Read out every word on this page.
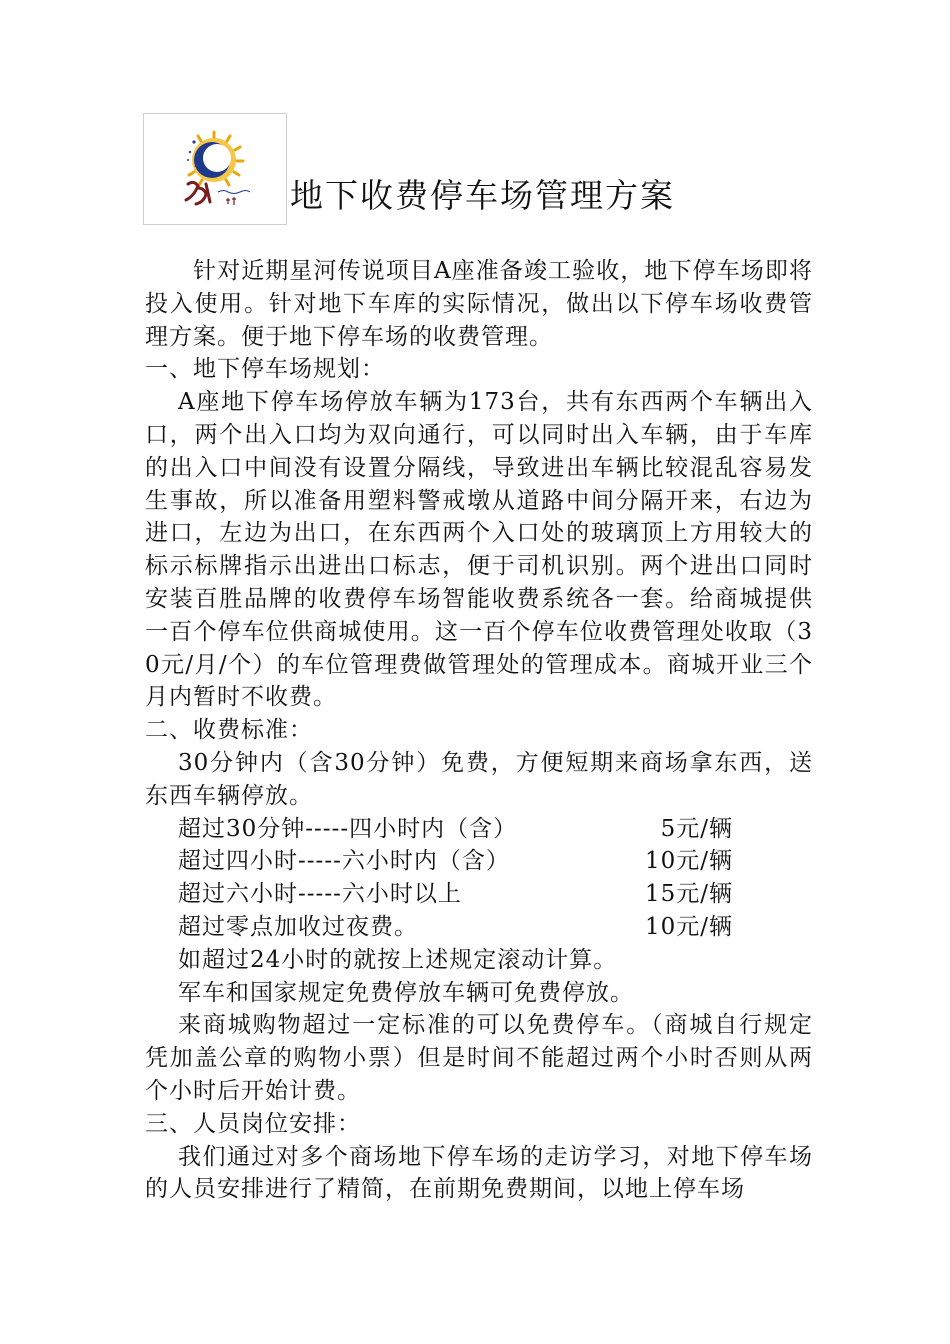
地下收费停车场管理方案

针对近期星河传说项目A座准备竣工验收，地下停车场即将投入使用。针对地下车库的实际情况，做出以下停车场收费管理方案。便于地下停车场的收费管理。

一、地下停车场规划：

A座地下停车场停放车辆为173台，共有东西两个车辆出入口，两个出入口均为双向通行，可以同时出入车辆，由于车库的出入口中间没有设置分隔线，导致进出车辆比较混乱容易发生事故，所以准备用塑料警戒墩从道路中间分隔开来，右边为进口，左边为出口，在东西两个入口处的玻璃顶上方用较大的标示标牌指示出进出口标志，便于司机识别。两个进出口同时安装百胜品牌的收费停车场智能收费系统各一套。给商城提供一百个停车位供商城使用。这一百个停车位收费管理处收取（30元/月/个）的车位管理费做管理处的管理成本。商城开业三个月内暂时不收费。

二、收费标准：

30分钟内（含30分钟）免费，方便短期来商场拿东西，送东西车辆停放。

超过30分钟-----四小时内（含）	5元/辆
超过四小时-----六小时内（含）	10元/辆
超过六小时-----六小时以上	15元/辆
超过零点加收过夜费。	10元/辆

如超过24小时的就按上述规定滚动计算。

军车和国家规定免费停放车辆可免费停放。

来商城购物超过一定标准的可以免费停车。（商城自行规定凭加盖公章的购物小票）但是时间不能超过两个小时否则从两个小时后开始计费。

三、人员岗位安排：

我们通过对多个商场地下停车场的走访学习，对地下停车场的人员安排进行了精简，在前期免费期间，以地上停车场
